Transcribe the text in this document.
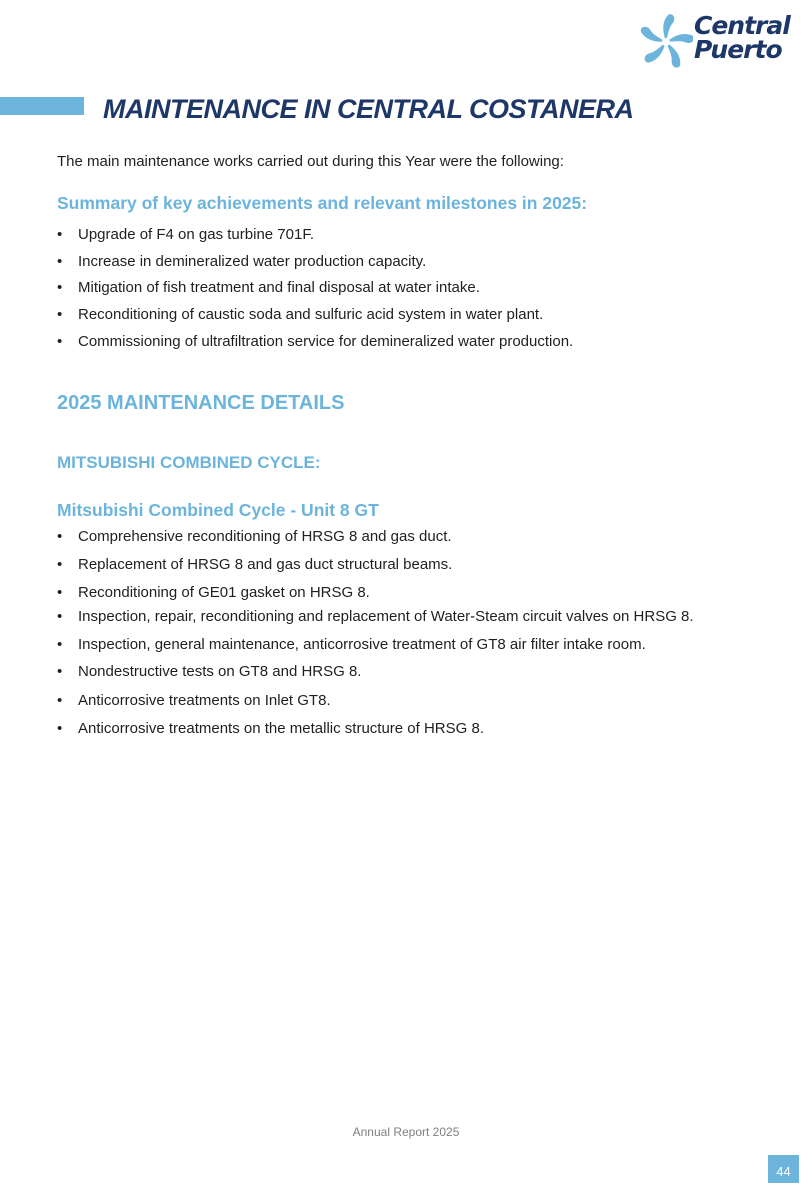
Central
Puerto
MAINTENANCE IN CENTRAL COSTANERA

The main maintenance works carried out during this Year were the following:

Summary of key achievements and relevant milestones in 2025:
• Upgrade of F4 on gas turbine 701F.
• Increase in demineralized water production capacity.
• Mitigation of fish treatment and final disposal at water intake.
• Reconditioning of caustic soda and sulfuric acid system in water plant.
• Commissioning of ultrafiltration service for demineralized water production.
2025 MAINTENANCE DETAILS
MITSUBISHI COMBINED CYCLE:
Mitsubishi Combined Cycle - Unit 8 GT
• Comprehensive reconditioning of HRSG 8 and gas duct.
• Replacement of HRSG 8 and gas duct structural beams.
• Reconditioning of GE01 gasket on HRSG 8.
• Inspection, repair, reconditioning and replacement of Water-Steam circuit valves on HRSG 8.
• Inspection, general maintenance, anticorrosive treatment of GT8 air filter intake room.
• Nondestructive tests on GT8 and HRSG 8.
• Anticorrosive treatments on Inlet GT8.
• Anticorrosive treatments on the metallic structure of HRSG 8.
Annual Report 2025
44
